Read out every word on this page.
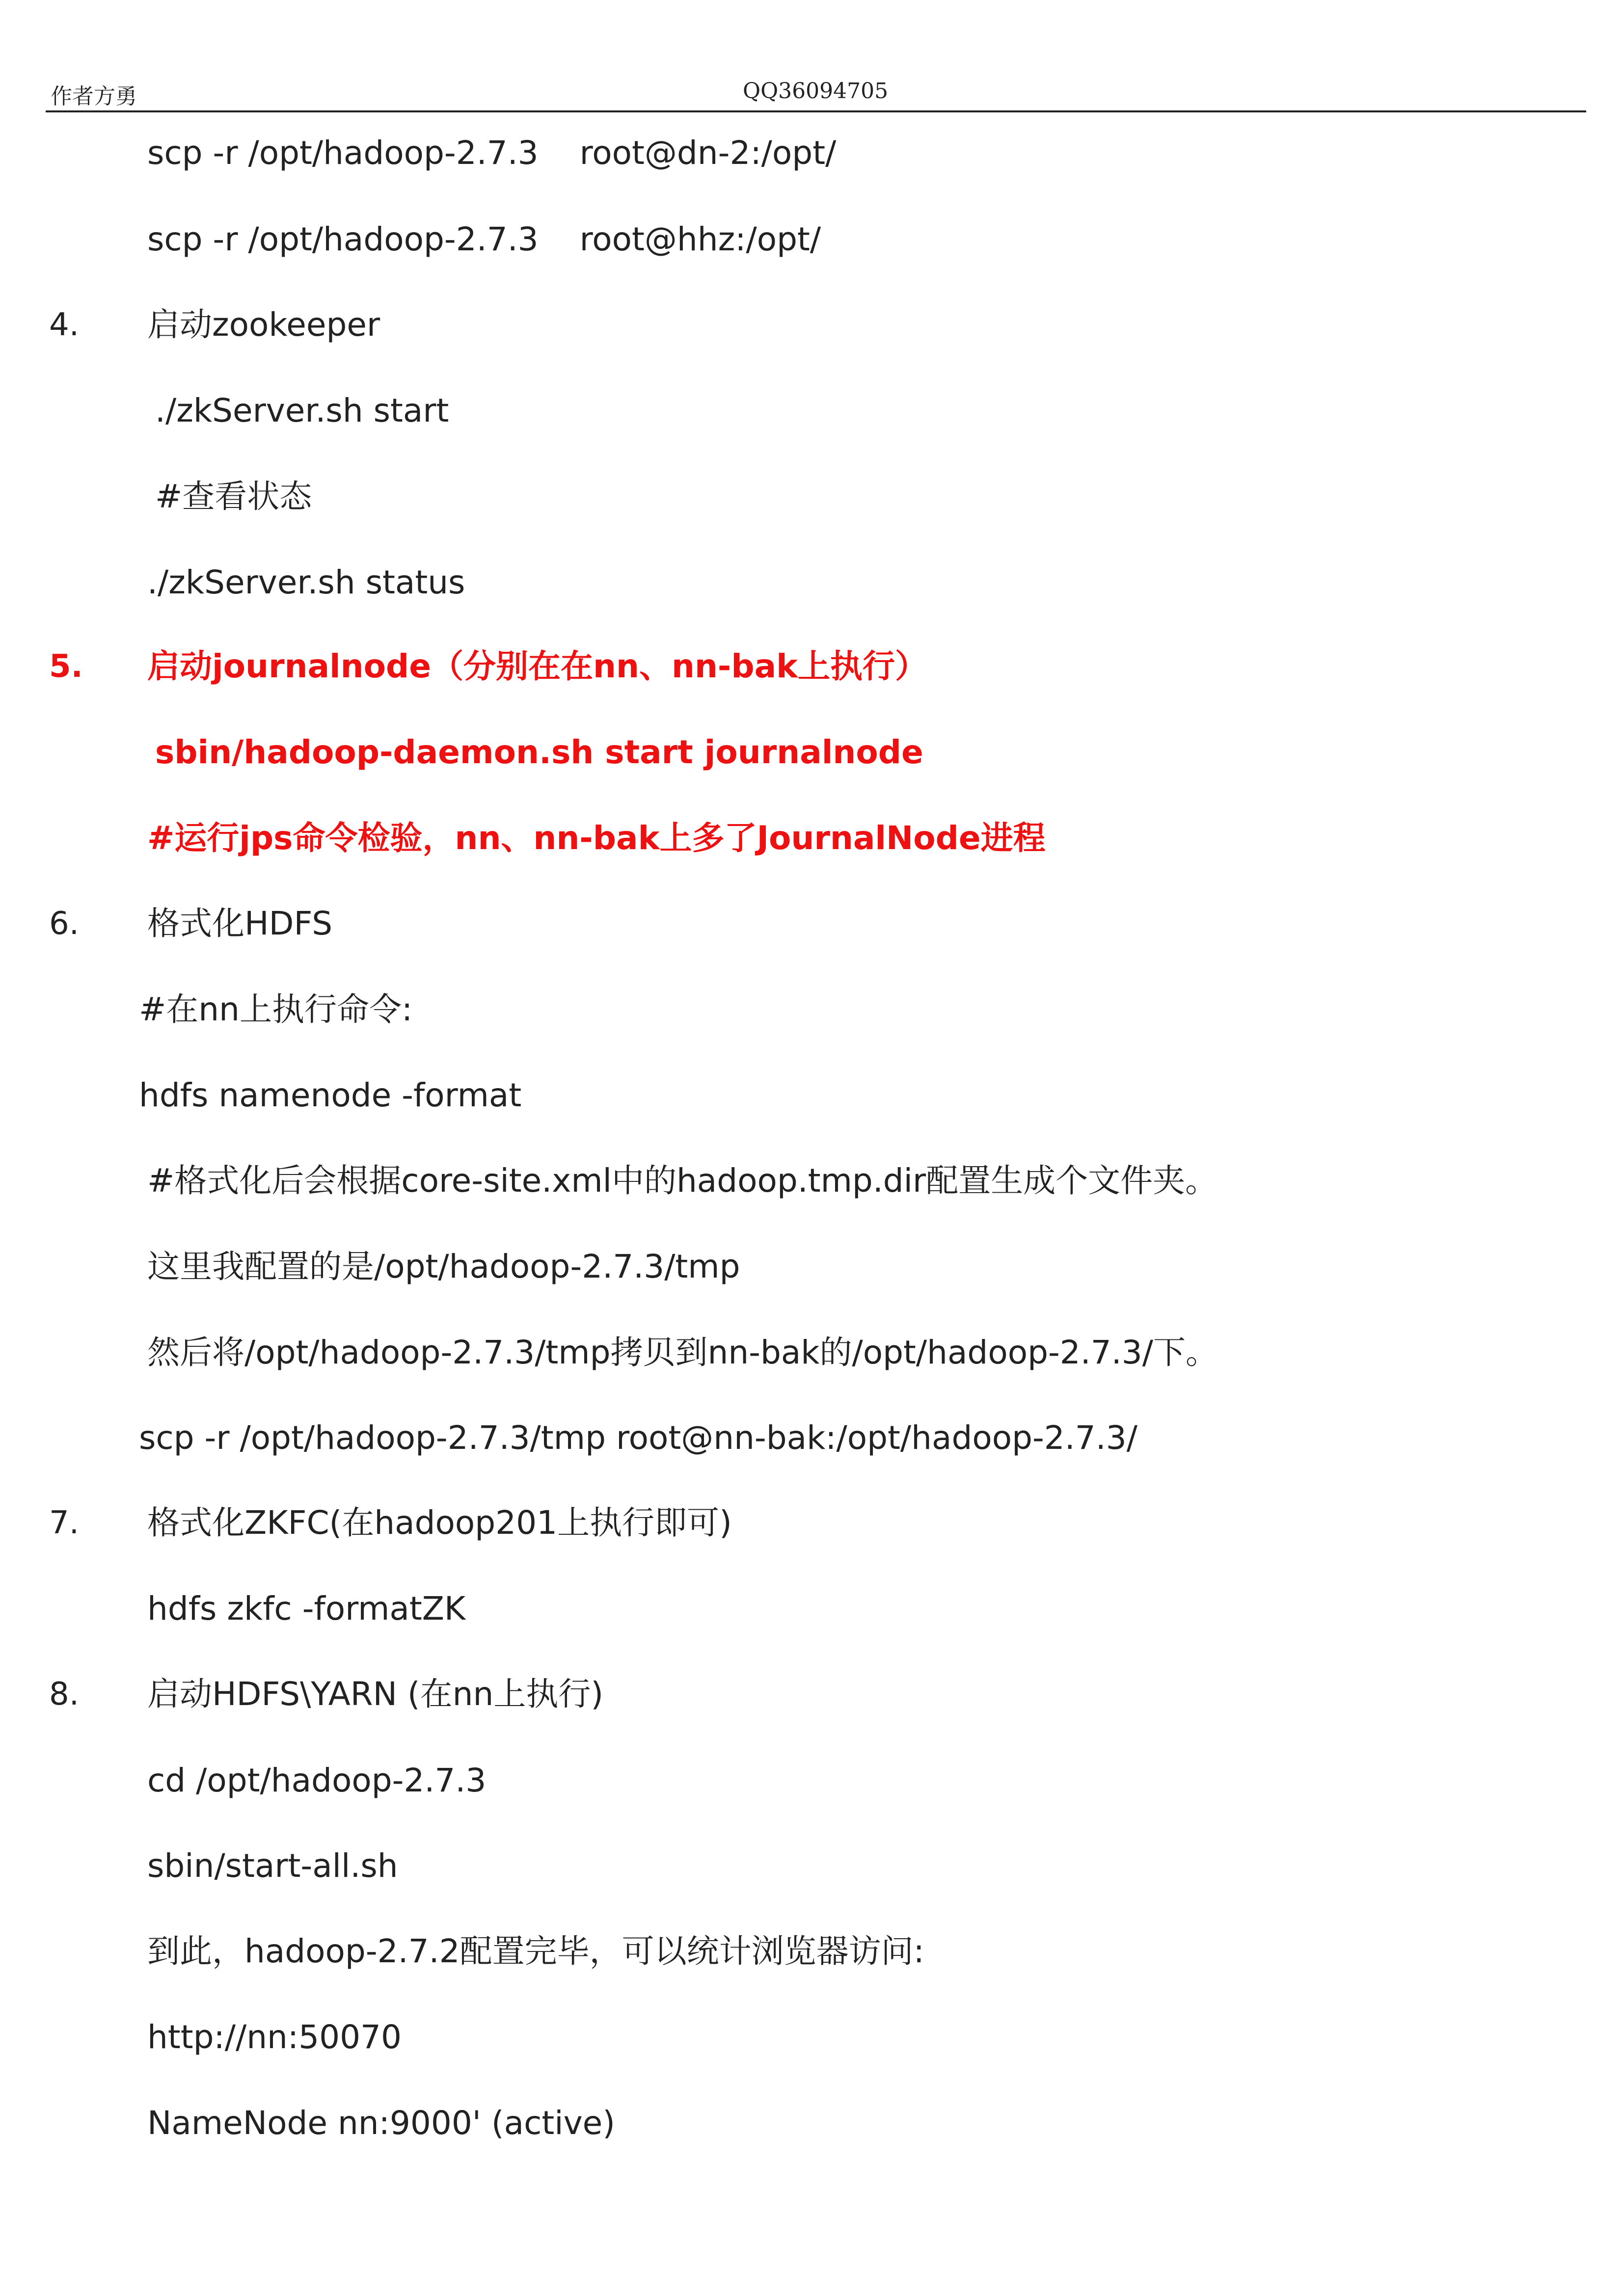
作者方勇	QQ36094705
scp -r /opt/hadoop-2.7.3    root@dn-2:/opt/
scp -r /opt/hadoop-2.7.3    root@hhz:/opt/
4. 启动zookeeper
./zkServer.sh start
#查看状态
./zkServer.sh status
5. 启动journalnode（分别在在nn、nn-bak上执行）
sbin/hadoop-daemon.sh start journalnode
#运行jps命令检验，nn、nn-bak上多了JournalNode进程
6. 格式化HDFS
#在nn上执行命令:
hdfs namenode -format
#格式化后会根据core-site.xml中的hadoop.tmp.dir配置生成个文件夹。
这里我配置的是/opt/hadoop-2.7.3/tmp
然后将/opt/hadoop-2.7.3/tmp拷贝到nn-bak的/opt/hadoop-2.7.3/下。
scp -r /opt/hadoop-2.7.3/tmp root@nn-bak:/opt/hadoop-2.7.3/
7. 格式化ZKFC(在hadoop201上执行即可)
hdfs zkfc -formatZK
8. 启动HDFS\YARN (在nn上执行)
cd /opt/hadoop-2.7.3
sbin/start-all.sh
到此，hadoop-2.7.2配置完毕，可以统计浏览器访问:
http://nn:50070
NameNode nn:9000' (active)
